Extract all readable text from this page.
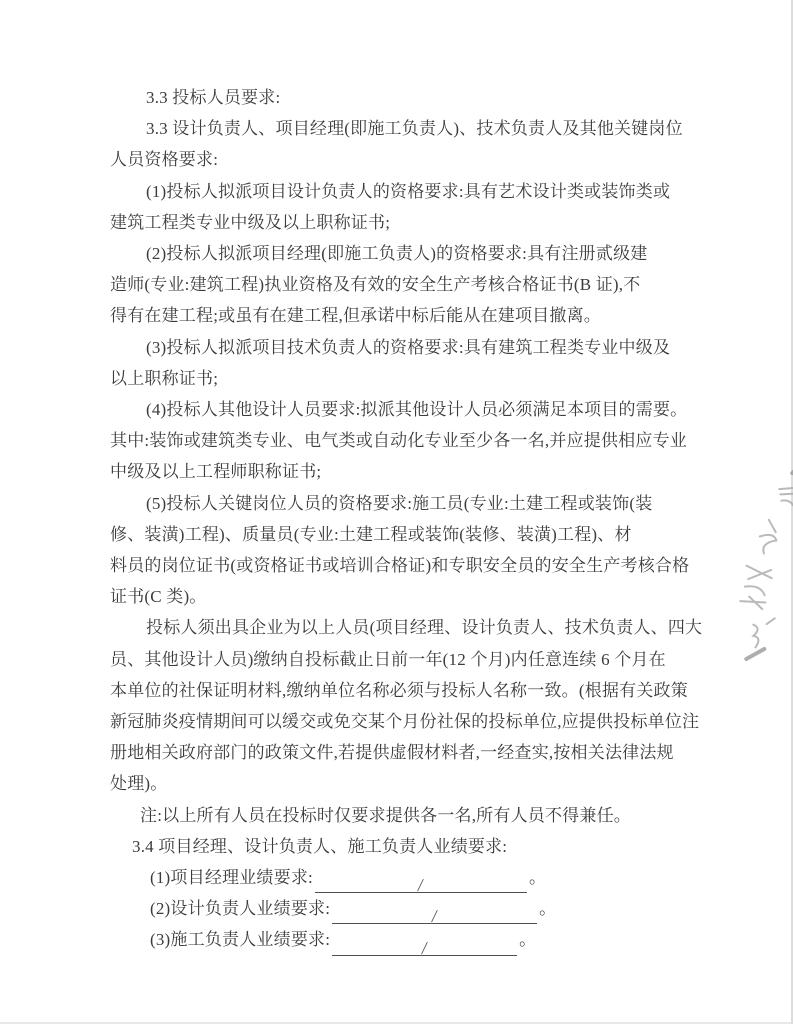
3.3 投标人员要求:
3.3 设计负责人、项目经理(即施工负责人)、技术负责人及其他关键岗位
人员资格要求:
(1)投标人拟派项目设计负责人的资格要求:具有艺术设计类或装饰类或
建筑工程类专业中级及以上职称证书;
(2)投标人拟派项目经理(即施工负责人)的资格要求:具有注册贰级建
造师(专业:建筑工程)执业资格及有效的安全生产考核合格证书(B 证),不
得有在建工程;或虽有在建工程,但承诺中标后能从在建项目撤离。
(3)投标人拟派项目技术负责人的资格要求:具有建筑工程类专业中级及
以上职称证书;
(4)投标人其他设计人员要求:拟派其他设计人员必须满足本项目的需要。
其中:装饰或建筑类专业、电气类或自动化专业至少各一名,并应提供相应专业
中级及以上工程师职称证书;
(5)投标人关键岗位人员的资格要求:施工员(专业:土建工程或装饰(装
修、装潢)工程)、质量员(专业:土建工程或装饰(装修、装潢)工程)、材
料员的岗位证书(或资格证书或培训合格证)和专职安全员的安全生产考核合格
证书(C 类)。
投标人须出具企业为以上人员(项目经理、设计负责人、技术负责人、四大
员、其他设计人员)缴纳自投标截止日前一年(12 个月)内任意连续 6 个月在
本单位的社保证明材料,缴纳单位名称必须与投标人名称一致。(根据有关政策
新冠肺炎疫情期间可以缓交或免交某个月份社保的投标单位,应提供投标单位注
册地相关政府部门的政策文件,若提供虚假材料者,一经查实,按相关法律法规
处理)。
注:以上所有人员在投标时仅要求提供各一名,所有人员不得兼任。
3.4 项目经理、设计负责人、施工负责人业绩要求:
(1)项目经理业绩要求:	/	。
(2)设计负责人业绩要求:	/	。
(3)施工负责人业绩要求:	/	。
